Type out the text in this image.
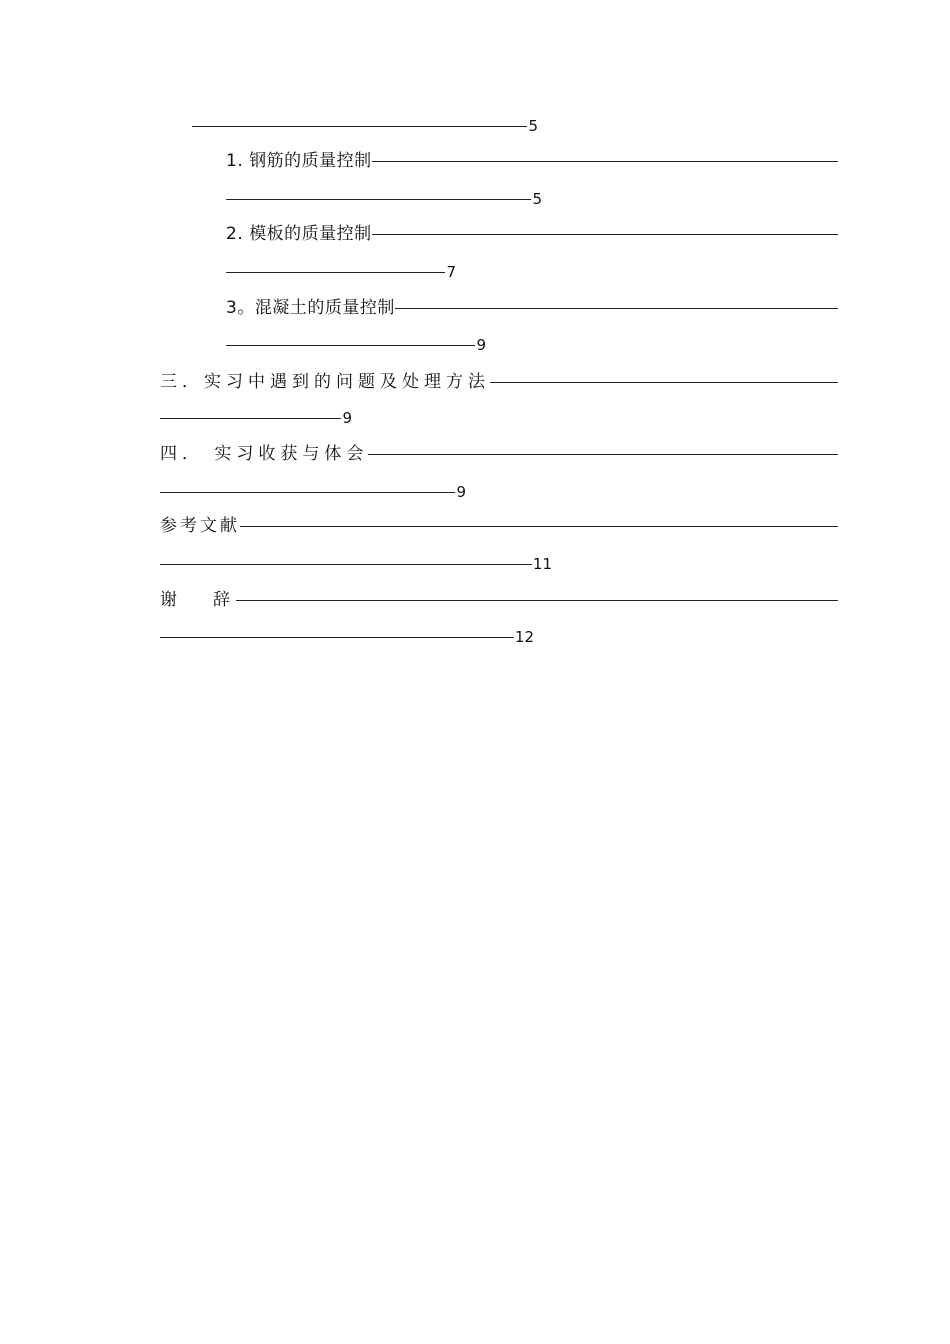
5
1. 钢筋的质量控制
5
2. 模板的质量控制
7
3。混凝土的质量控制
9
三．实习中遇到的问题及处理方法
9
四． 实习收获与体会
9
参考文献
11
谢      辞
12
